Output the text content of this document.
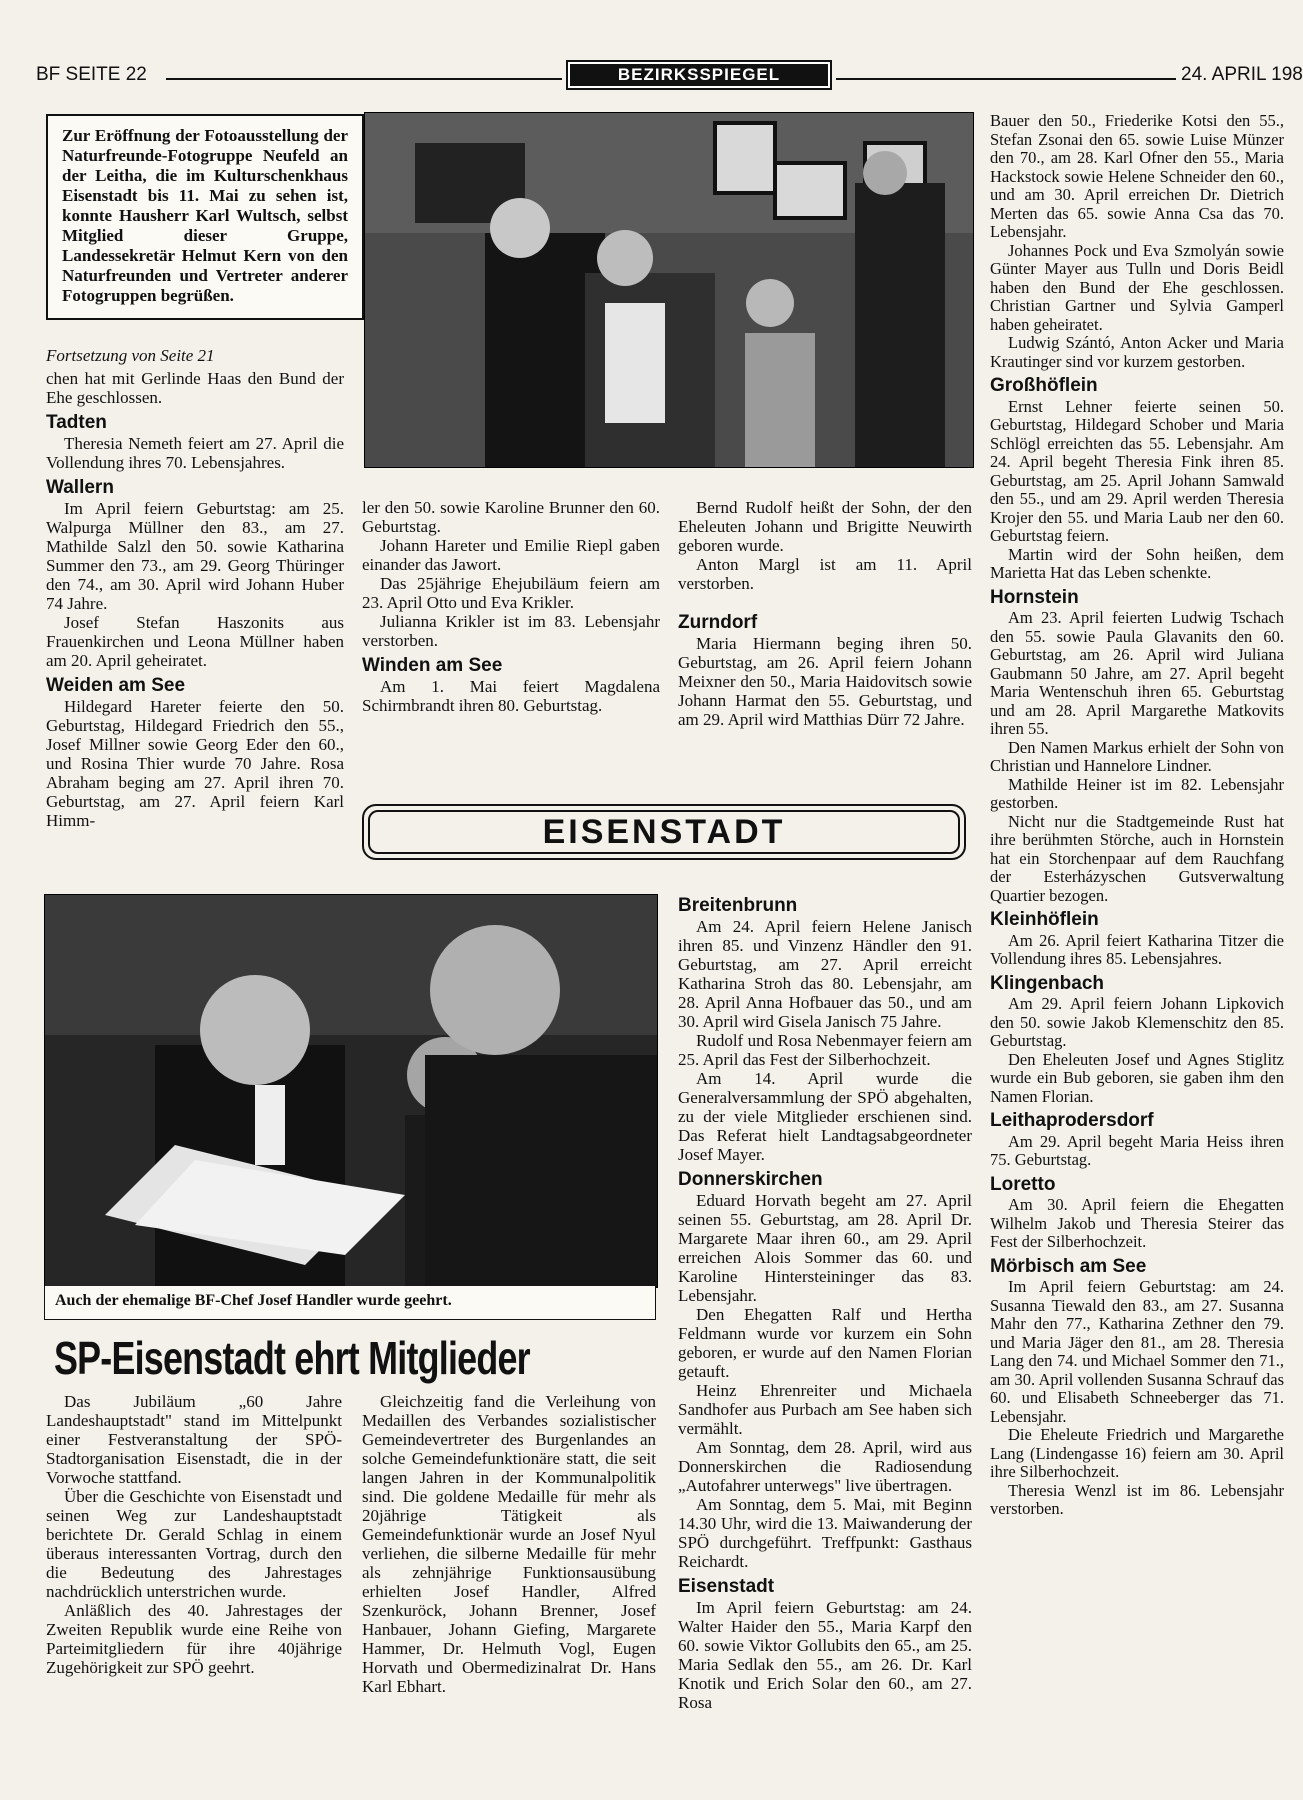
BF SEITE 22	BEZIRKSSPIEGEL	24. APRIL 198
Zur Eröffnung der Fotoausstellung der Naturfreunde-Fotogruppe Neufeld an der Leitha, die im Kulturschenkhaus Eisenstadt bis 11. Mai zu sehen ist, konnte Hausherr Karl Wultsch, selbst Mitglied dieser Gruppe, Landessekretär Helmut Kern von den Naturfreunden und Vertreter anderer Fotogruppen begrüßen.

Fortsetzung von Seite 21

chen hat mit Gerlinde Haas den Bund der Ehe geschlossen.

Tadten

Theresia Nemeth feiert am 27. April die Vollendung ihres 70. Lebensjahres.

Wallern

Im April feiern Geburtstag: am 25. Walpurga Müllner den 83., am 27. Mathilde Salzl den 50. sowie Katharina Summer den 73., am 29. Georg Thüringer den 74., am 30. April wird Johann Huber 74 Jahre.

Josef Stefan Haszonits aus Frauenkirchen und Leona Müllner haben am 20. April geheiratet.

Weiden am See

Hildegard Hareter feierte den 50. Geburtstag, Hildegard Friedrich den 55., Josef Millner sowie Georg Eder den 60., und Rosina Thier wurde 70 Jahre. Rosa Abraham beging am 27. April ihren 70. Geburtstag, am 27. April feiern Karl Himm-

ler den 50. sowie Karoline Brunner den 60. Geburtstag.

Johann Hareter und Emilie Riepl gaben einander das Jawort.

Das 25jährige Ehejubiläum feiern am 23. April Otto und Eva Krikler.

Julianna Krikler ist im 83. Lebensjahr verstorben.

Winden am See

Am 1. Mai feiert Magdalena Schirmbrandt ihren 80. Geburtstag.

Bernd Rudolf heißt der Sohn, der den Eheleuten Johann und Brigitte Neuwirth geboren wurde.

Anton Margl ist am 11. April verstorben.

Zurndorf

Maria Hiermann beging ihren 50. Geburtstag, am 26. April feiern Johann Meixner den 50., Maria Haidovitsch sowie Johann Harmat den 55. Geburtstag, und am 29. April wird Matthias Dürr 72 Jahre.

Bauer den 50., Friederike Kotsi den 55., Stefan Zsonai den 65. sowie Luise Münzer den 70., am 28. Karl Ofner den 55., Maria Hackstock sowie Helene Schneider den 60., und am 30. April erreichen Dr. Dietrich Merten das 65. sowie Anna Csa das 70. Lebensjahr.

Johannes Pock und Eva Szmolyán sowie Günter Mayer aus Tulln und Doris Beidl haben den Bund der Ehe geschlossen. Christian Gartner und Sylvia Gamperl haben geheiratet.

Ludwig Szántó, Anton Acker und Maria Krautinger sind vor kurzem gestorben.

Großhöflein

Ernst Lehner feierte seinen 50. Geburtstag, Hildegard Schober und Maria Schlögl erreichten das 55. Lebensjahr. Am 24. April begeht Theresia Fink ihren 85. Geburtstag, am 25. April Johann Samwald den 55., und am 29. April werden Theresia Krojer den 55. und Maria Laub ner den 60. Geburtstag feiern.

Martin wird der Sohn heißen, dem Marietta Hat das Leben schenkte.

Hornstein

Am 23. April feierten Ludwig Tschach den 55. sowie Paula Glavanits den 60. Geburtstag, am 26. April wird Juliana Gaubmann 50 Jahre, am 27. April begeht Maria Wentenschuh ihren 65. Geburtstag und am 28. April Margarethe Matkovits ihren 55.

Den Namen Markus erhielt der Sohn von Christian und Hannelore Lindner.

Mathilde Heiner ist im 82. Lebensjahr gestorben.

Nicht nur die Stadtgemeinde Rust hat ihre berühmten Störche, auch in Hornstein hat ein Storchenpaar auf dem Rauchfang der Esterházyschen Gutsverwaltung Quartier bezogen.

Kleinhöflein

Am 26. April feiert Katharina Titzer die Vollendung ihres 85. Lebensjahres.

Klingenbach

Am 29. April feiern Johann Lipkovich den 50. sowie Jakob Klemenschitz den 85. Geburtstag.

Den Eheleuten Josef und Agnes Stiglitz wurde ein Bub geboren, sie gaben ihm den Namen Florian.

Leithaprodersdorf

Am 29. April begeht Maria Heiss ihren 75. Geburtstag.

Loretto

Am 30. April feiern die Ehegatten Wilhelm Jakob und Theresia Steirer das Fest der Silberhochzeit.

Mörbisch am See

Im April feiern Geburtstag: am 24. Susanna Tiewald den 83., am 27. Susanna Mahr den 77., Katharina Zethner den 79. und Maria Jäger den 81., am 28. Theresia Lang den 74. und Michael Sommer den 71., am 30. April vollenden Susanna Schrauf das 60. und Elisabeth Schneeberger das 71. Lebensjahr.

Die Eheleute Friedrich und Margarethe Lang (Lindengasse 16) feiern am 30. April ihre Silberhochzeit.

Theresia Wenzl ist im 86. Lebensjahr verstorben.

EISENSTADT
Auch der ehemalige BF-Chef Josef Handler wurde geehrt.
SP-Eisenstadt ehrt Mitglieder

Das Jubiläum „60 Jahre Landeshauptstadt" stand im Mittelpunkt einer Festveranstaltung der SPÖ-Stadtorganisation Eisenstadt, die in der Vorwoche stattfand.

Über die Geschichte von Eisenstadt und seinen Weg zur Landeshauptstadt berichtete Dr. Gerald Schlag in einem überaus interessanten Vortrag, durch den die Bedeutung des Jahrestages nachdrücklich unterstrichen wurde.

Anläßlich des 40. Jahrestages der Zweiten Republik wurde eine Reihe von Parteimitgliedern für ihre 40jährige Zugehörigkeit zur SPÖ geehrt.

Gleichzeitig fand die Verleihung von Medaillen des Verbandes sozialistischer Gemeindevertreter des Burgenlandes an solche Gemeindefunktionäre statt, die seit langen Jahren in der Kommunalpolitik sind. Die goldene Medaille für mehr als 20jährige Tätigkeit als Gemeindefunktionär wurde an Josef Nyul verliehen, die silberne Medaille für mehr als zehnjährige Funktionsausübung erhielten Josef Handler, Alfred Szenkuröck, Johann Brenner, Josef Hanbauer, Johann Giefing, Margarete Hammer, Dr. Helmuth Vogl, Eugen Horvath und Obermedizinalrat Dr. Hans Karl Ebhart.

Breitenbrunn

Am 24. April feiern Helene Janisch ihren 85. und Vinzenz Händler den 91. Geburtstag, am 27. April erreicht Katharina Stroh das 80. Lebensjahr, am 28. April Anna Hofbauer das 50., und am 30. April wird Gisela Janisch 75 Jahre.

Rudolf und Rosa Nebenmayer feiern am 25. April das Fest der Silberhochzeit.

Am 14. April wurde die Generalversammlung der SPÖ abgehalten, zu der viele Mitglieder erschienen sind. Das Referat hielt Landtagsabgeordneter Josef Mayer.

Donnerskirchen

Eduard Horvath begeht am 27. April seinen 55. Geburtstag, am 28. April Dr. Margarete Maar ihren 60., am 29. April erreichen Alois Sommer das 60. und Karoline Hintersteininger das 83. Lebensjahr.

Den Ehegatten Ralf und Hertha Feldmann wurde vor kurzem ein Sohn geboren, er wurde auf den Namen Florian getauft.

Heinz Ehrenreiter und Michaela Sandhofer aus Purbach am See haben sich vermählt.

Am Sonntag, dem 28. April, wird aus Donnerskirchen die Radiosendung „Autofahrer unterwegs" live übertragen.

Am Sonntag, dem 5. Mai, mit Beginn 14.30 Uhr, wird die 13. Maiwanderung der SPÖ durchgeführt. Treffpunkt: Gasthaus Reichardt.

Eisenstadt

Im April feiern Geburtstag: am 24. Walter Haider den 55., Maria Karpf den 60. sowie Viktor Gollubits den 65., am 25. Maria Sedlak den 55., am 26. Dr. Karl Knotik und Erich Solar den 60., am 27. Rosa
